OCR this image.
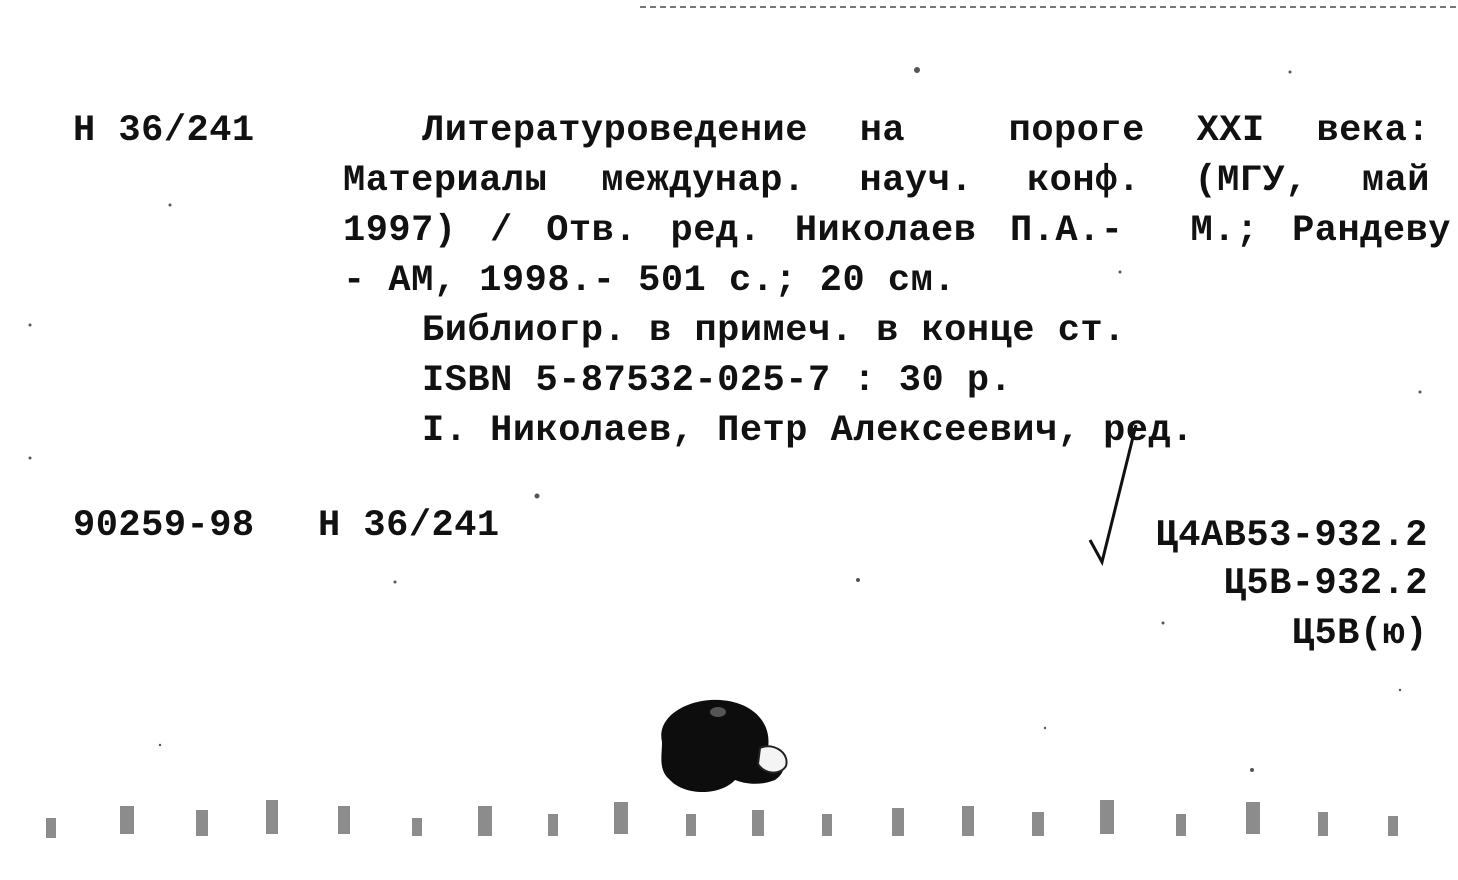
Н 36/241	Литературоведение на  пороге XXI века:
Материалы междунар. науч. конф. (МГУ, май
1997) / Отв. ред. Николаев П.А.-  М.; Рандеву
- AM, 1998.- 501 с.; 20 см.
Библиогр. в примеч. в конце ст.
ISBN 5-87532-025-7 : 30 р.
I. Николаев, Петр Алексеевич, ред.
90259-98 Н 36/241	Ц4АВ53-932.2
Ц5В-932.2
Ц5В(ю)
